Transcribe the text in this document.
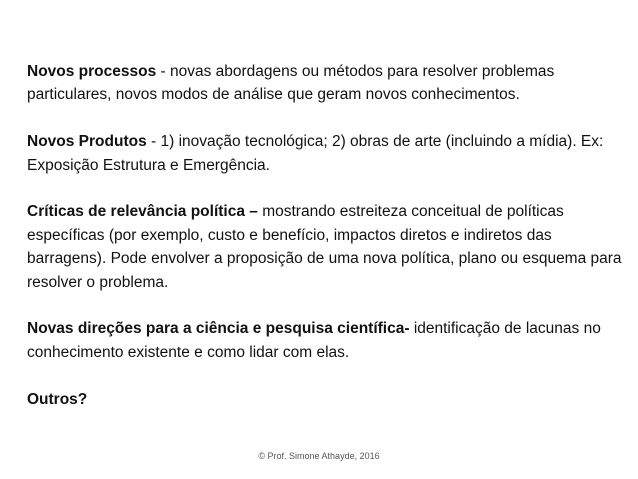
Novos processos - novas abordagens ou métodos para resolver problemas particulares, novos modos de análise que geram novos conhecimentos.

Novos Produtos - 1) inovação tecnológica; 2) obras de arte (incluindo a mídia). Ex: Exposição Estrutura e Emergência.

Críticas de relevância política – mostrando estreiteza conceitual de políticas específicas (por exemplo, custo e benefício, impactos diretos e indiretos das barragens). Pode envolver a proposição de uma nova política, plano ou esquema para resolver o problema.

Novas direções para a ciência e pesquisa científica- identificação de lacunas no conhecimento existente e como lidar com elas.

Outros?

© Prof. Simone Athayde, 2016
